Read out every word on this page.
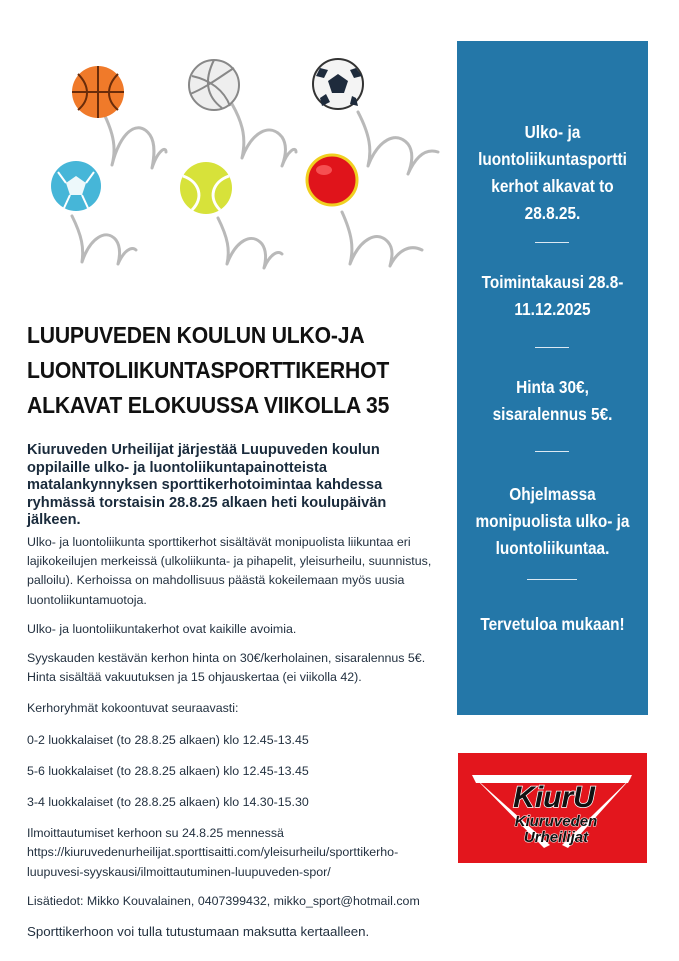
LUUPUVEDEN KOULUN ULKO-JA
LUONTOLIIKUNTASPORTTIKERHOT
ALKAVAT ELOKUUSSA VIIKOLLA 35

Kiuruveden Urheilijat järjestää Luupuveden koulun oppilaille ulko- ja luontoliikuntapainotteista matalankynnyksen sporttikerhotoimintaa kahdessa ryhmässä torstaisin 28.8.25 alkaen heti koulupäivän jälkeen.

Ulko- ja luontoliikunta sporttikerhot sisältävät monipuolista liikuntaa eri lajikokeilujen merkeissä (ulkoliikunta- ja pihapelit, yleisurheilu, suunnistus, palloilu). Kerhoissa on mahdollisuus päästä kokeilemaan myös uusia luontoliikuntamuotoja.

Ulko- ja luontoliikuntakerhot ovat kaikille avoimia.

Syyskauden kestävän kerhon hinta on 30€/kerholainen, sisaralennus 5€. Hinta sisältää vakuutuksen ja 15 ohjauskertaa (ei viikolla 42).

Kerhoryhmät kokoontuvat seuraavasti:

0-2 luokkalaiset (to 28.8.25 alkaen) klo 12.45-13.45

5-6 luokkalaiset (to 28.8.25 alkaen) klo 12.45-13.45

3-4 luokkalaiset (to 28.8.25 alkaen) klo 14.30-15.30

Ilmoittautumiset kerhoon su 24.8.25 mennessä https://kiuruvedenurheilijat.sporttisaitti.com/yleisurheilu/sporttikerho-luupuvesi-syyskausi/ilmoittautuminen-luupuveden-spor/

Lisätiedot: Mikko Kouvalainen, 0407399432, mikko_sport@hotmail.com

Sporttikerhoon voi tulla tutustumaan maksutta kertaalleen.

Ulko- ja luontoliikuntasportti kerhot alkavat to 28.8.25.
Toimintakausi 28.8-11.12.2025
Hinta 30€, sisaralennus 5€.
Ohjelmassa monipuolista ulko- ja luontoliikuntaa.
Tervetuloa mukaan!
KiurU
Kiuruveden
Urheilijat
